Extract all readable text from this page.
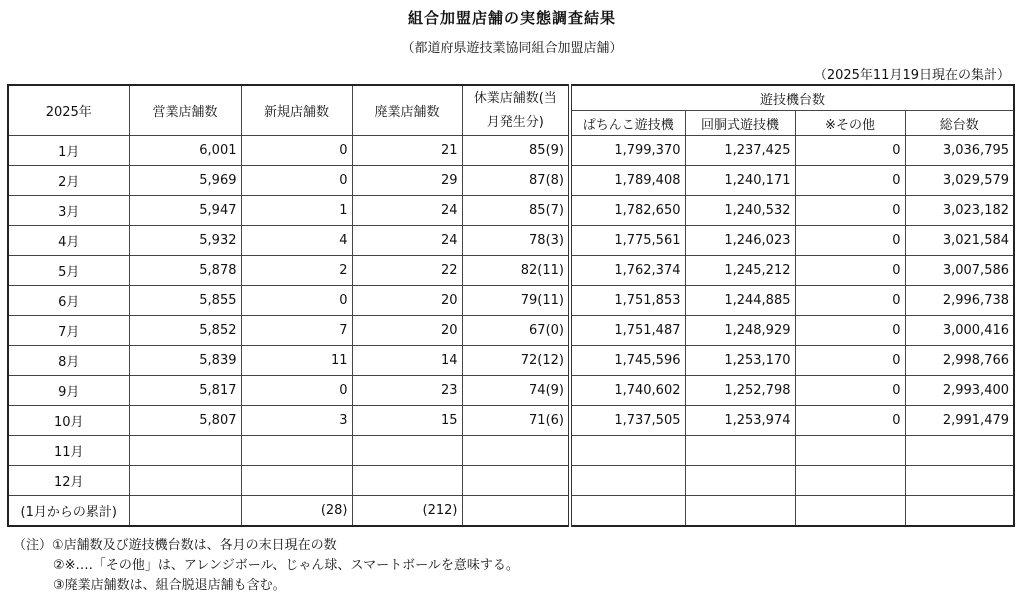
組合加盟店舗の実態調査結果
（都道府県遊技業協同組合加盟店舗）
（2025年11月19日現在の集計）
2025年	営業店舗数	新規店舗数	廃業店舗数	休業店舗数(当
月発生分)	遊技機台数			
					ぱちんこ遊技機	回胴式遊技機	※その他	総台数
1月	6,001	0	21	85(9)	1,799,370	1,237,425	0	3,036,795
2月	5,969	0	29	87(8)	1,789,408	1,240,171	0	3,029,579
3月	5,947	1	24	85(7)	1,782,650	1,240,532	0	3,023,182
4月	5,932	4	24	78(3)	1,775,561	1,246,023	0	3,021,584
5月	5,878	2	22	82(11)	1,762,374	1,245,212	0	3,007,586
6月	5,855	0	20	79(11)	1,751,853	1,244,885	0	2,996,738
7月	5,852	7	20	67(0)	1,751,487	1,248,929	0	3,000,416
8月	5,839	11	14	72(12)	1,745,596	1,253,170	0	2,998,766
9月	5,817	0	23	74(9)	1,740,602	1,252,798	0	2,993,400
10月	5,807	3	15	71(6)	1,737,505	1,253,974	0	2,991,479
11月								
12月								
(1月からの累計)		(28)	(212)					
（注）①店舗数及び遊技機台数は、各月の末日現在の数
②※‥‥「その他」は、アレンジボール、じゃん球、スマートボールを意味する。
③廃業店舗数は、組合脱退店舗も含む。
